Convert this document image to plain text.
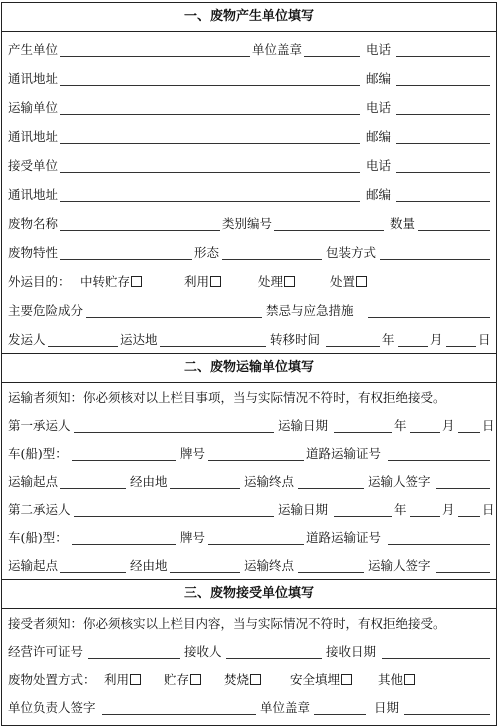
一、废物产生单位填写
产生单位	单位盖章	电话
通讯地址	邮编
运输单位	电话
通讯地址	邮编
接受单位	电话
通讯地址	邮编
废物名称	类别编号	数量
废物特性	形态	包装方式
外运目的： 中转贮存	利用	处理	处置
主要危险成分	禁忌与应急措施
发运人	运达地	转移时间	年	月	日
二、废物运输单位填写
运输者须知：你必须核对以上栏目事项，当与实际情况不符时，有权拒绝接受。
第一承运人	运输日期	年	月 日
车(船)型：	牌号	道路运输证号
运输起点	经由地	运输终点	运输人签字
第二承运人	运输日期	年	月 日
车(船)型：	牌号	道路运输证号
运输起点	经由地	运输终点	运输人签字
三、废物接受单位填写
接受者须知：你必须核实以上栏目内容，当与实际情况不符时，有权拒绝接受。
经营许可证号	接收人	接收日期
废物处置方式： 利用	贮存	焚烧	安全填埋	其他
单位负责人签字	单位盖章	日期
